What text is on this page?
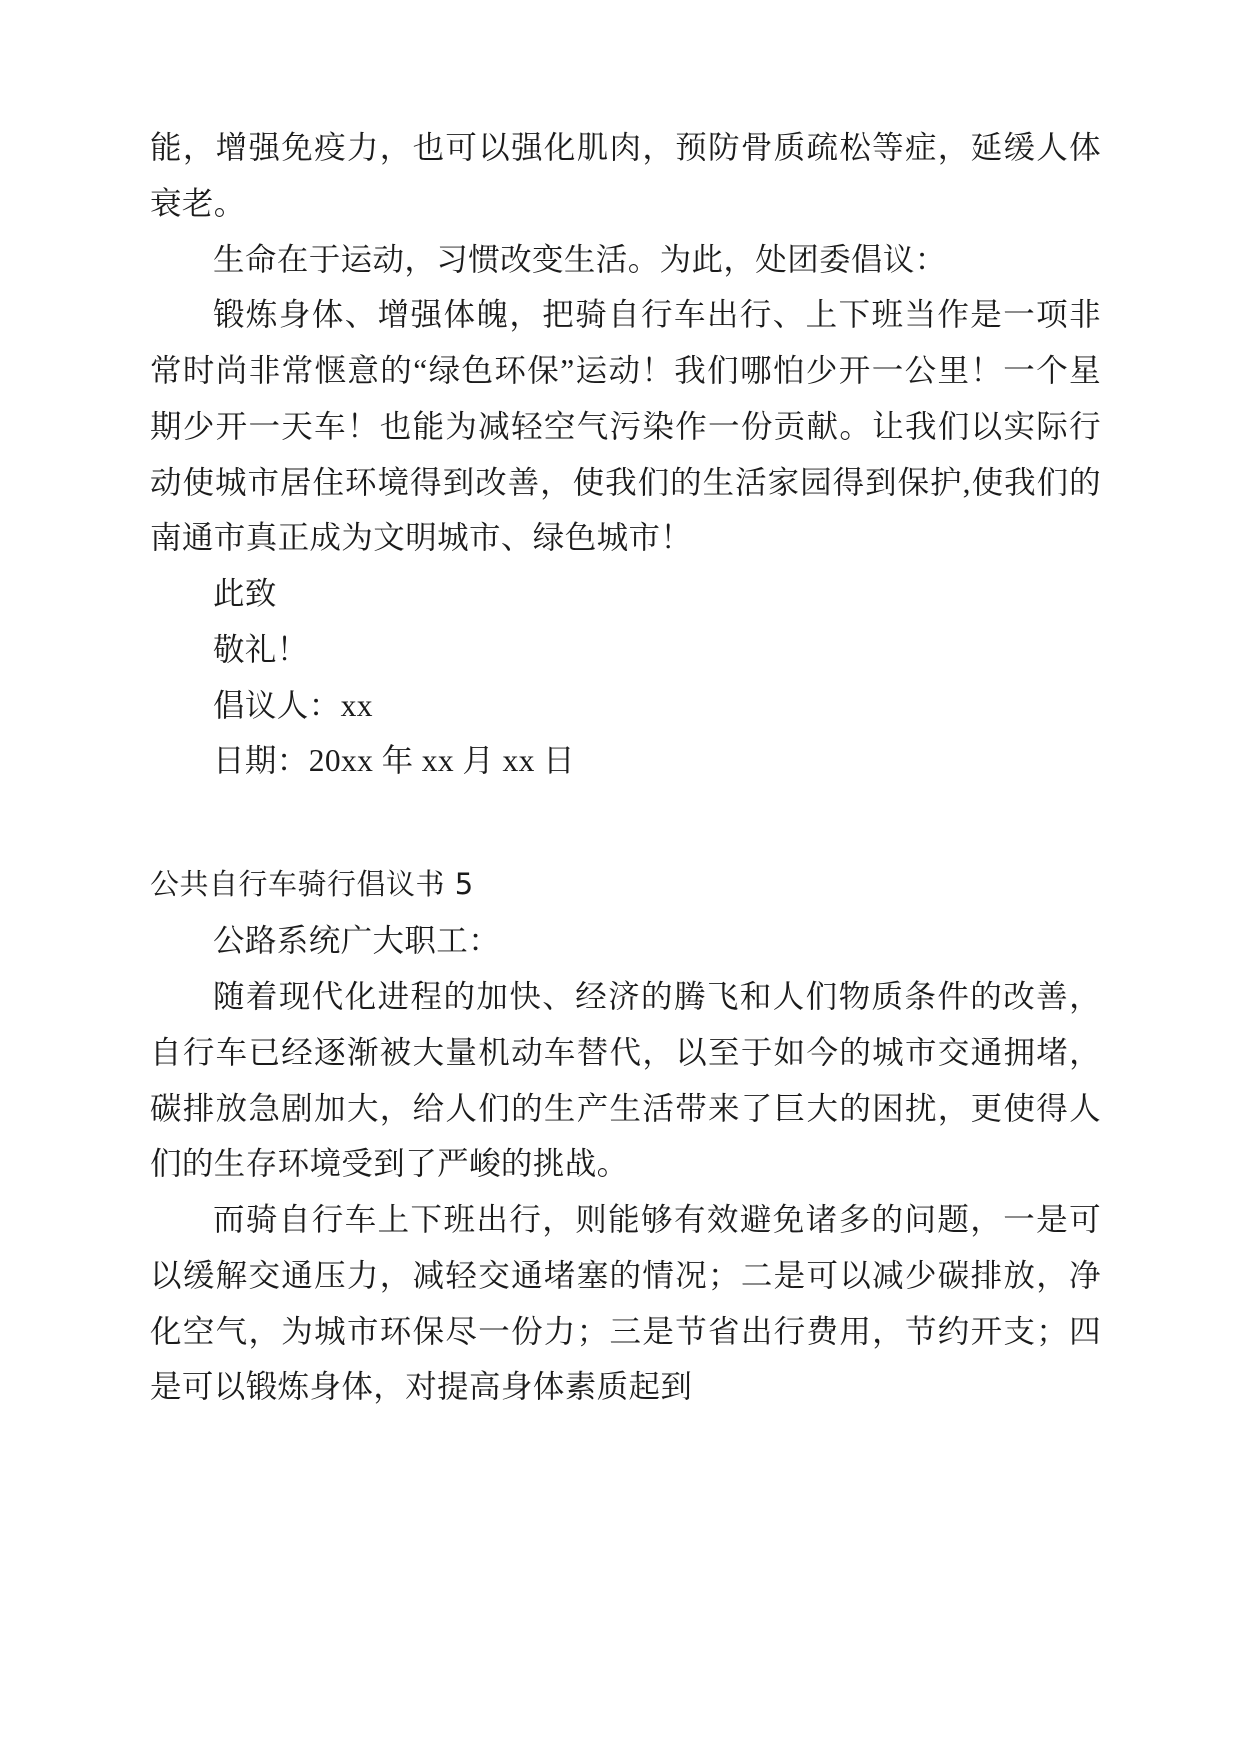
能，增强免疫力，也可以强化肌肉，预防骨质疏松等症，延缓人体衰老。

生命在于运动，习惯改变生活。为此，处团委倡议：

锻炼身体、增强体魄，把骑自行车出行、上下班当作是一项非常时尚非常惬意的“绿色环保”运动！我们哪怕少开一公里！一个星期少开一天车！也能为减轻空气污染作一份贡献。让我们以实际行动使城市居住环境得到改善，使我们的生活家园得到保护,使我们的南通市真正成为文明城市、绿色城市！

此致

敬礼！

倡议人：xx

日期：20xx 年 xx 月 xx 日

公共自行车骑行倡议书 5

公路系统广大职工：

随着现代化进程的加快、经济的腾飞和人们物质条件的改善，自行车已经逐渐被大量机动车替代，以至于如今的城市交通拥堵，碳排放急剧加大，给人们的生产生活带来了巨大的困扰，更使得人们的生存环境受到了严峻的挑战。

而骑自行车上下班出行，则能够有效避免诸多的问题，一是可以缓解交通压力，减轻交通堵塞的情况；二是可以减少碳排放，净化空气，为城市环保尽一份力；三是节省出行费用，节约开支；四是可以锻炼身体，对提高身体素质起到
